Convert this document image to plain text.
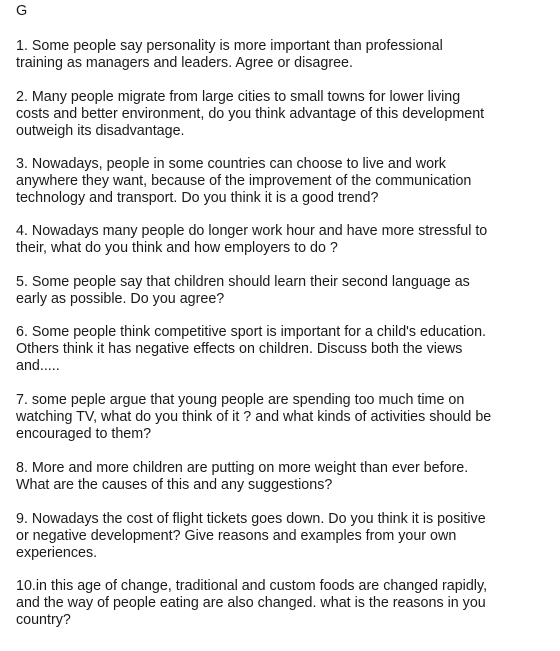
G
1. Some people say personality is more important than professional
training as managers and leaders. Agree or disagree.
2. Many people migrate from large cities to small towns for lower living
costs and better environment, do you think advantage of this development
outweigh its disadvantage.
3. Nowadays, people in some countries can choose to live and work
anywhere they want, because of the improvement of the communication
technology and transport. Do you think it is a good trend?
4. Nowadays many people do longer work hour and have more stressful to
their, what do you think and how employers to do ?
5. Some people say that children should learn their second language as
early as possible. Do you agree?
6. Some people think competitive sport is important for a child's education.
Others think it has negative effects on children. Discuss both the views
and.....
7. some peple argue that young people are spending too much time on
watching TV, what do you think of it ? and what kinds of activities should be
encouraged to them?
8. More and more children are putting on more weight than ever before.
What are the causes of this and any suggestions?
9. Nowadays the cost of flight tickets goes down. Do you think it is positive
or negative development? Give reasons and examples from your own
experiences.
10.in this age of change, traditional and custom foods are changed rapidly,
and the way of people eating are also changed. what is the reasons in you
country?
